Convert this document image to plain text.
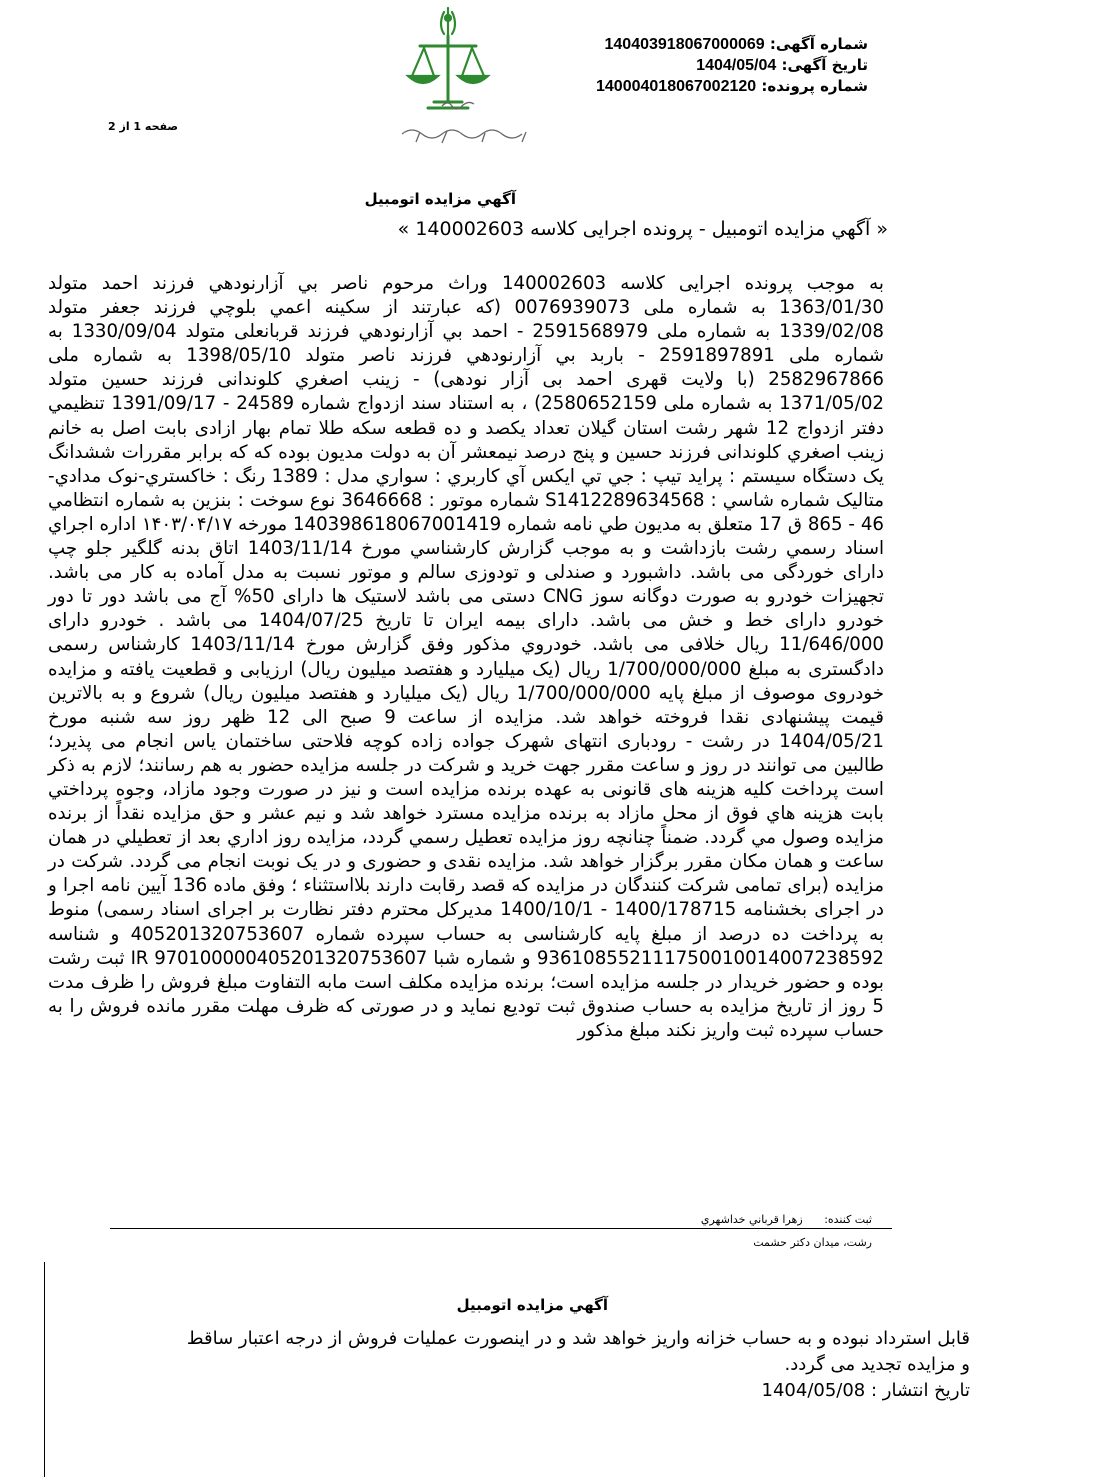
شماره آگهی: 140403918067000069
تاریخ آگهی: 1404/05/04
شماره پرونده: 140004018067002120
صفحه 1 از 2
آگهي مزايده اتومبيل
« آگهي مزايده اتومبيل - پرونده اجرايی کلاسه 140002603 »
به موجب پرونده اجرايی کلاسه 140002603 وراث مرحوم ناصر بي آزارنودهي فرزند احمد متولد 1363/01/30 به شماره ملی 0076939073 (که عبارتند از سکينه اعمي بلوچي فرزند جعفر متولد 1339/02/08 به شماره ملی 2591568979 - احمد بي آزارنودهي فرزند قربانعلی متولد 1330/09/04 به شماره ملی 2591897891 - باربد بي آزارنودهي فرزند ناصر متولد 1398/05/10 به شماره ملی 2582967866 (با ولايت قهری احمد بی آزار نودهی) - زينب اصغري کلوندانی فرزند حسين متولد 1371/05/02 به شماره ملی 2580652159) ، به استناد سند ازدواج شماره 24589 - 1391/09/17 تنظيمي دفتر ازدواج 12 شهر رشت استان گيلان تعداد يکصد و ده قطعه سکه طلا تمام بهار ازادی بابت اصل به خانم زينب اصغري کلوندانی فرزند حسين و پنج درصد نيمعشر آن به دولت مديون بوده که که برابر مقررات ششدانگ يک دستگاه سيستم : پرايد تيپ : جي تي ايکس آي کاربري : سواري مدل : 1389 رنگ : خاکستري-نوک مدادي-متاليک شماره شاسي : S1412289634568 شماره موتور : 3646668 نوع سوخت : بنزين به شماره انتظامي 46 - 865 ق 17 متعلق به مديون طي نامه شماره 140398618067001419 مورخه ۱۴۰۳/۰۴/۱۷ اداره اجراي اسناد رسمي رشت بازداشت و به موجب گزارش کارشناسي مورخ 1403/11/14 اتاق بدنه گلگير جلو چپ دارای خوردگی می باشد. داشبورد و صندلی و تودوزی سالم و موتور نسبت به مدل آماده به کار می باشد. تجهيزات خودرو به صورت دوگانه سوز CNG دستی می باشد لاستيک ها دارای 50% آج می باشد دور تا دور خودرو دارای خط و خش می باشد. دارای بيمه ايران تا تاريخ 1404/07/25 می باشد . خودرو دارای 11/646/000 ريال خلافی می باشد. خودروي مذکور وفق گزارش مورخ 1403/11/14 کارشناس رسمی دادگستری به مبلغ 1/700/000/000 ريال (يک ميليارد و هفتصد ميليون ريال) ارزيابی و قطعيت يافته و مزايده خودروی موصوف از مبلغ پايه 1/700/000/000 ريال (يک ميليارد و هفتصد ميليون ريال) شروع و به بالاترين قيمت پيشنهادی نقدا فروخته خواهد شد. مزايده از ساعت 9 صبح الی 12 ظهر روز سه شنبه مورخ 1404/05/21 در رشت - رودباری انتهای شهرک جواده زاده کوچه فلاحتی ساختمان ياس انجام می پذيرد؛ طالبين می توانند در روز و ساعت مقرر جهت خريد و شرکت در جلسه مزايده حضور به هم رسانند؛ لازم به ذکر است پرداخت کليه هزينه های قانونی به عهده برنده مزايده است و نيز در صورت وجود مازاد، وجوه پرداختي بابت هزينه هاي فوق از محل مازاد به برنده مزايده مسترد خواهد شد و نيم عشر و حق مزايده نقداً از برنده مزايده وصول مي گردد. ضمناً چنانچه روز مزايده تعطيل رسمي گردد، مزايده روز اداري بعد از تعطيلي در همان ساعت و همان مکان مقرر برگزار خواهد شد. مزايده نقدی و حضوری و در يک نوبت انجام می گردد. شرکت در مزايده (برای تمامی شرکت کنندگان در مزايده که قصد رقابت دارند بلااستثناء ؛ وفق ماده 136 آيين نامه اجرا و در اجرای بخشنامه 1400/178715 - 1400/10/1 مديرکل محترم دفتر نظارت بر اجرای اسناد رسمی) منوط به پرداخت ده درصد از مبلغ پايه کارشناسی به حساب سپرده شماره 405201320753607 و شناسه 936108552111750010014007238592 و شماره شبا IR 970100000405201320753607 ثبت رشت بوده و حضور خريدار در جلسه مزايده است؛ برنده مزايده مکلف است مابه التفاوت مبلغ فروش را ظرف مدت 5 روز از تاريخ مزايده به حساب صندوق ثبت توديع نمايد و در صورتی که ظرف مهلت مقرر مانده فروش را به حساب سپرده ثبت واريز نکند مبلغ مذکور
ثبت کننده: زهرا قرباني خداشهري
رشت، میدان دکتر حشمت
آگهي مزايده اتومبيل
قابل استرداد نبوده و به حساب خزانه واريز خواهد شد و در اينصورت عمليات فروش از درجه اعتبار ساقط
و مزايده تجديد می گردد.
تاريخ انتشار : 1404/05/08
